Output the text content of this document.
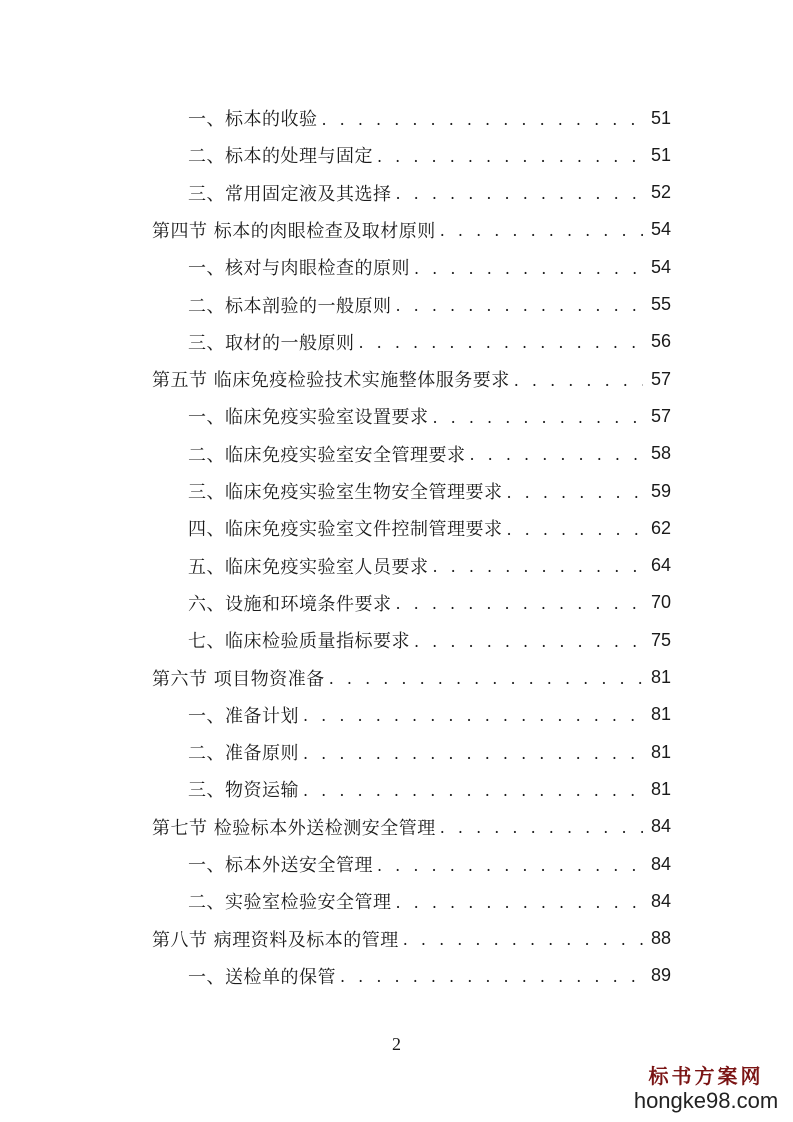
一、标本的收验 . . .	51
二、标本的处理与固定 . . .	51
三、常用固定液及其选择 . . .	52
第四节 标本的肉眼检查及取材原则 . . .	54
一、核对与肉眼检查的原则 . . .	54
二、标本剖验的一般原则 . . .	55
三、取材的一般原则 . . .	56
第五节 临床免疫检验技术实施整体服务要求 . . .	57
一、临床免疫实验室设置要求 . . .	57
二、临床免疫实验室安全管理要求 . . .	58
三、临床免疫实验室生物安全管理要求 . . .	59
四、临床免疫实验室文件控制管理要求 . . .	62
五、临床免疫实验室人员要求 . . .	64
六、设施和环境条件要求 . . .	70
七、临床检验质量指标要求 . . .	75
第六节 项目物资准备 . . .	81
一、准备计划 . . .	81
二、准备原则 . . .	81
三、物资运输 . . .	81
第七节 检验标本外送检测安全管理 . . .	84
一、标本外送安全管理 . . .	84
二、实验室检验安全管理 . . .	84
第八节 病理资料及标本的管理 . . .	88
一、送检单的保管 . . .	89
2
标书方案网
hongke98.com
